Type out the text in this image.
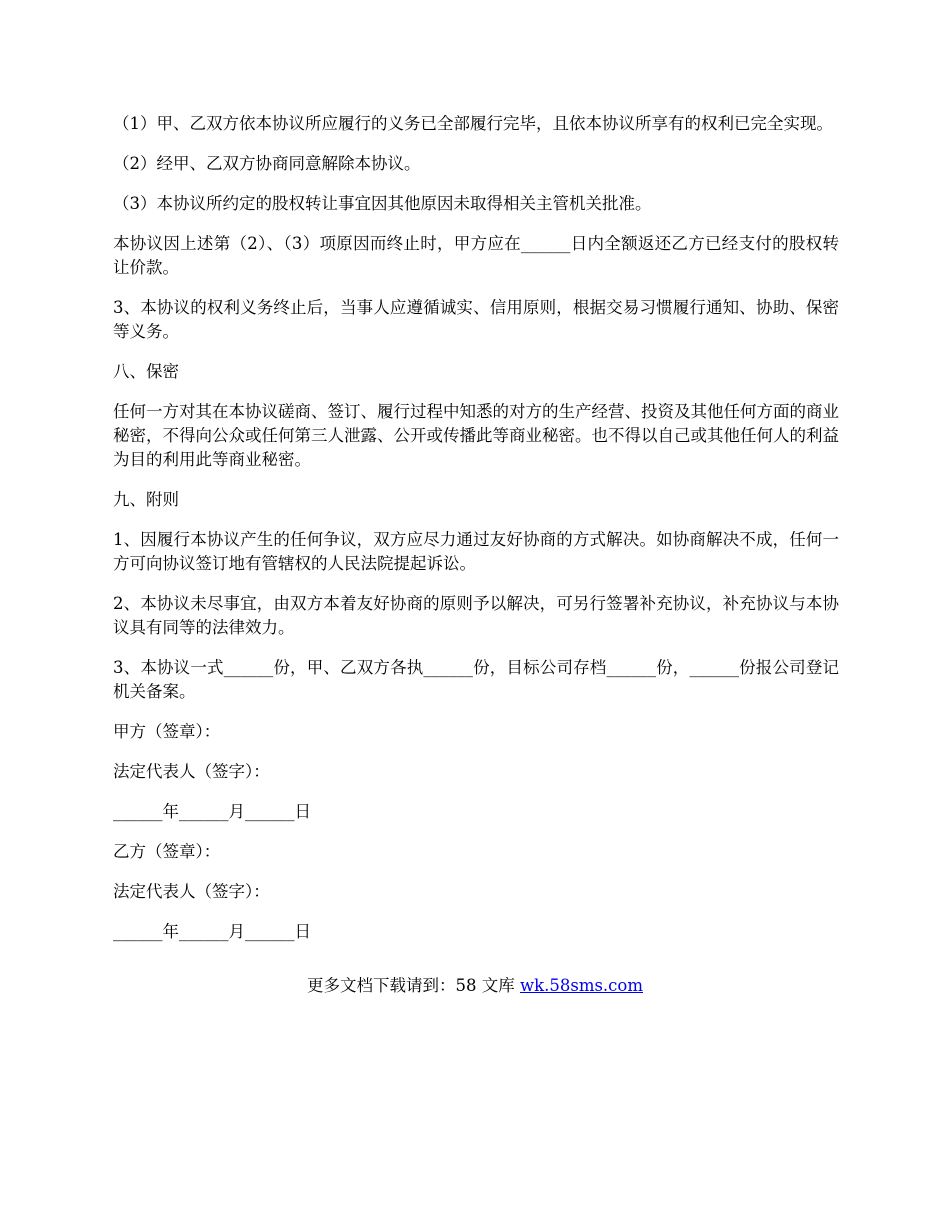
（1）甲、乙双方依本协议所应履行的义务已全部履行完毕，且依本协议所享有的权利已完全实现。

（2）经甲、乙双方协商同意解除本协议。

（3）本协议所约定的股权转让事宜因其他原因未取得相关主管机关批准。

本协议因上述第（2）、（3）项原因而终止时，甲方应在______日内全额返还乙方已经支付的股权转让价款。

3、本协议的权利义务终止后，当事人应遵循诚实、信用原则，根据交易习惯履行通知、协助、保密等义务。

八、保密

任何一方对其在本协议磋商、签订、履行过程中知悉的对方的生产经营、投资及其他任何方面的商业秘密，不得向公众或任何第三人泄露、公开或传播此等商业秘密。也不得以自己或其他任何人的利益为目的利用此等商业秘密。

九、附则

1、因履行本协议产生的任何争议，双方应尽力通过友好协商的方式解决。如协商解决不成，任何一方可向协议签订地有管辖权的人民法院提起诉讼。

2、本协议未尽事宜，由双方本着友好协商的原则予以解决，可另行签署补充协议，补充协议与本协议具有同等的法律效力。

3、本协议一式______份，甲、乙双方各执______份，目标公司存档______份，______份报公司登记机关备案。

甲方（签章）：

法定代表人（签字）：

______年______月______日

乙方（签章）：

法定代表人（签字）：

______年______月______日

更多文档下载请到：58 文库 wk.58sms.com
